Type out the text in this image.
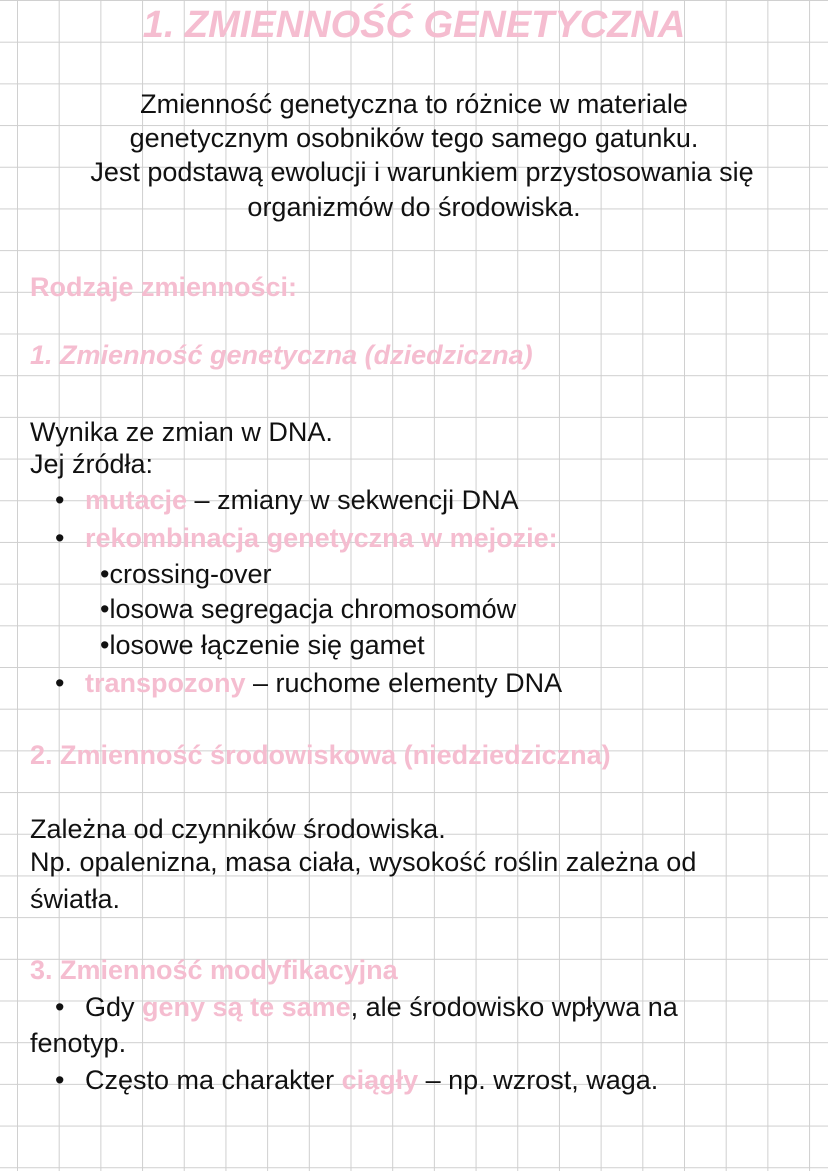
1. ZMIENNOŚĆ GENETYCZNA
Zmienność genetyczna to różnice w materiale
genetycznym osobników tego samego gatunku.
Jest podstawą ewolucji i warunkiem przystosowania się
organizmów do środowiska.
Rodzaje zmienności:
1. Zmienność genetyczna (dziedziczna)
Wynika ze zmian w DNA.
Jej źródła:
• mutacje – zmiany w sekwencji DNA
• rekombinacja genetyczna w mejozie:
•crossing-over
•losowa segregacja chromosomów
•losowe łączenie się gamet
• transpozony – ruchome elementy DNA
2. Zmienność środowiskowa (niedziedziczna)
Zależna od czynników środowiska.
Np. opalenizna, masa ciała, wysokość roślin zależna od
światła.
3. Zmienność modyfikacyjna
• Gdy geny są te same, ale środowisko wpływa na
fenotyp.
• Często ma charakter ciągły – np. wzrost, waga.
